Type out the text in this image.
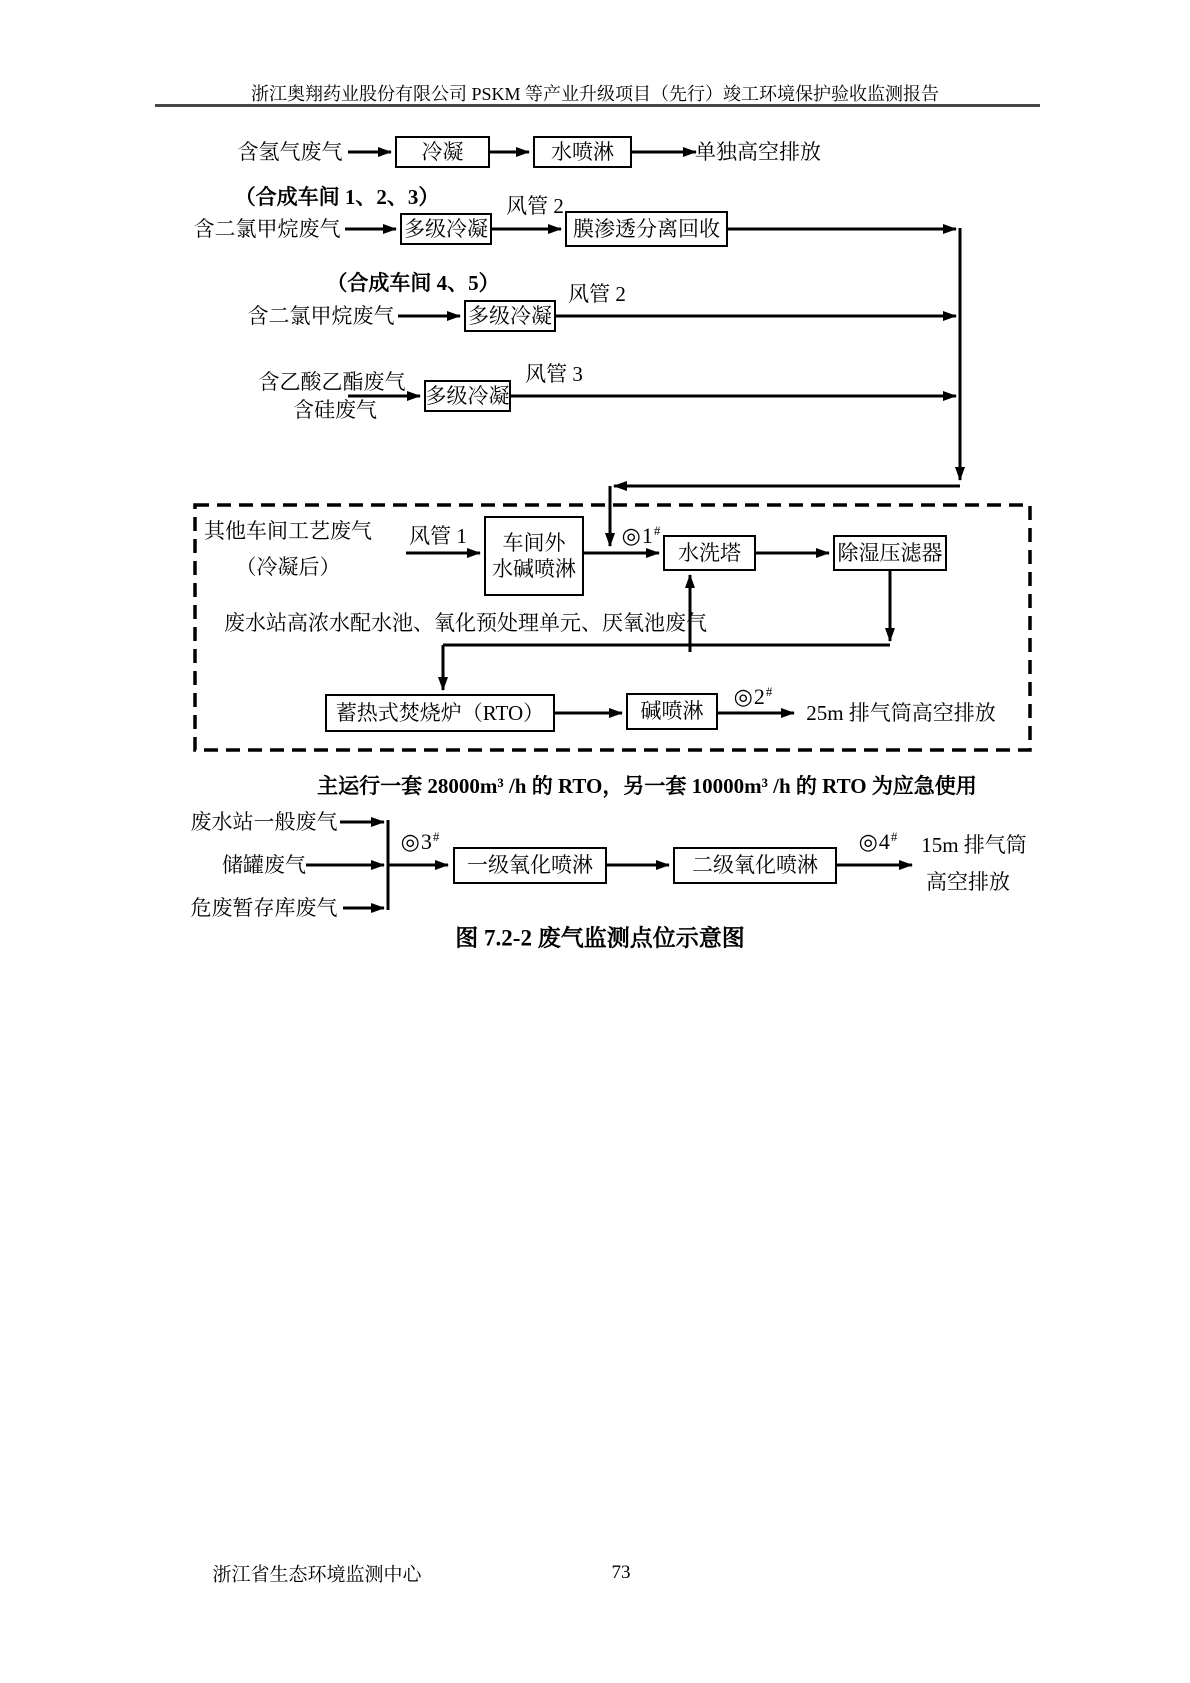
浙江奥翔药业股份有限公司 PSKM 等产业升级项目（先行）竣工环境保护验收监测报告
含氢气废气	冷凝	水喷淋	单独高空排放
（合成车间 1、2、3）
含二氯甲烷废气	多级冷凝
风管 2
膜渗透分离回收
（合成车间 4、5）
含二氯甲烷废气	多级冷凝
风管 2
含乙酸乙酯废气
含硅废气
多级冷凝
风管 3
其他车间工艺废气
（冷凝后）
风管 1	车间外
水碱喷淋
◎1#
水洗塔	除湿压滤器
废水站高浓水配水池、氧化预处理单元、厌氧池废气
蓄热式焚烧炉（RTO）	碱喷淋
◎2#
25m 排气筒高空排放
主运行一套 28000m³ /h 的 RTO，另一套 10000m³ /h 的 RTO 为应急使用
废水站一般废气
储罐废气
危废暂存库废气
◎3#
一级氧化喷淋	二级氧化喷淋
◎4# 15m 排气筒
高空排放
图 7.2-2 废气监测点位示意图
浙江省生态环境监测中心	73
